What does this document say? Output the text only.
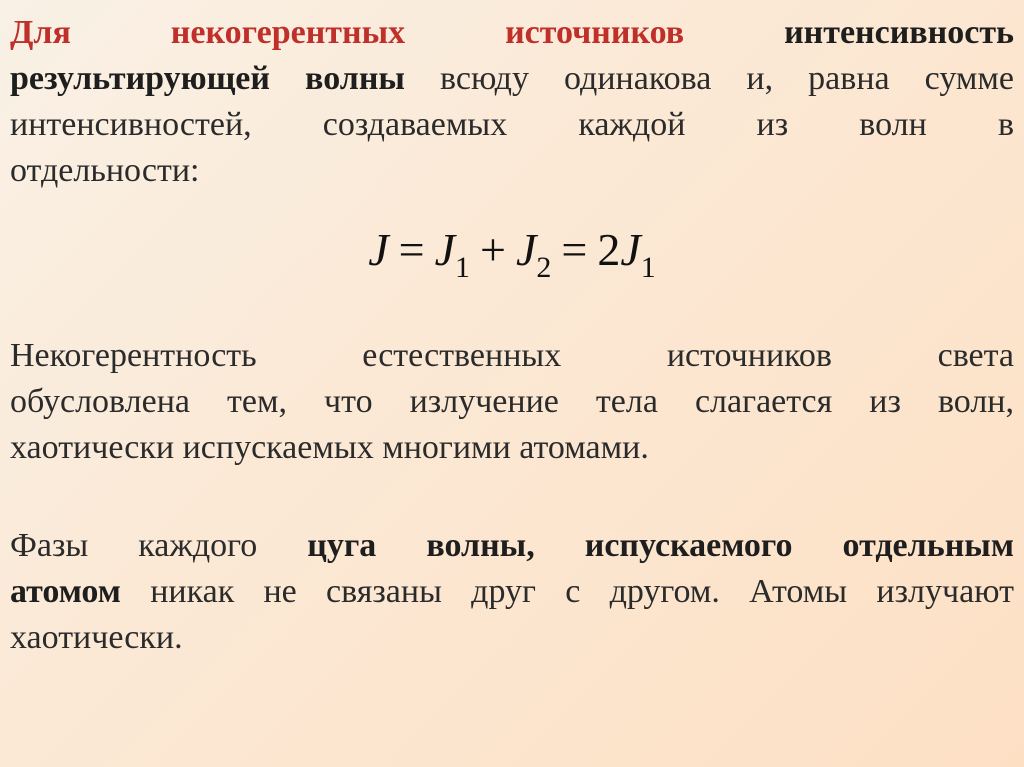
Для	некогерентных	источников	интенсивность
результирующей волны всюду одинакова и, равна сумме
интенсивностей, создаваемых каждой из волн в
отдельности:
$J = J_1 + J_2 = 2J_1$
Некогерентность естественных источников света
обусловлена тем, что излучение тела слагается из волн,
хаотически испускаемых многими атомами.
Фазы каждого цуга волны, испускаемого отдельным
атомом никак не связаны друг с другом. Атомы излучают
хаотически.
